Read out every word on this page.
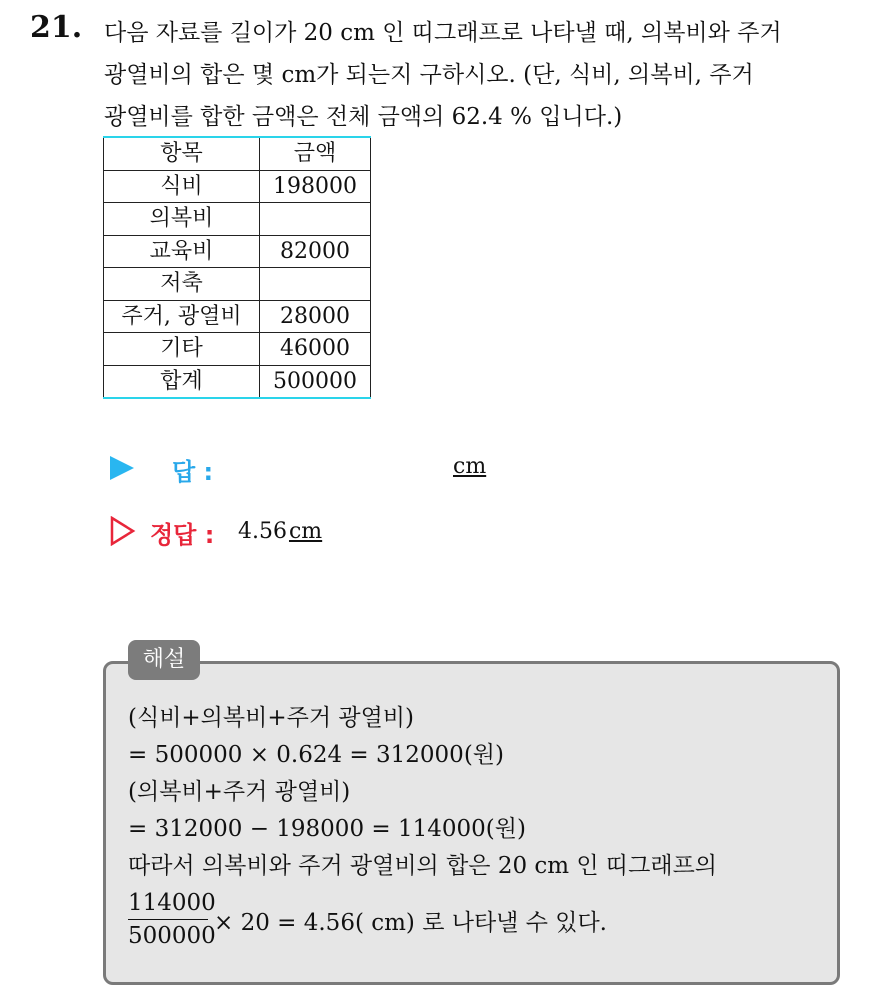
21. 다음 자료를 길이가 20 cm 인 띠그래프로 나타낼 때, 의복비와 주거
광열비의 합은 몇 cm가 되는지 구하시오. (단, 식비, 의복비, 주거
광열비를 합한 금액은 전체 금액의 62.4 % 입니다.)
항목	금액
식비	198000
의복비	
교육비	82000
저축	
주거, 광열비	28000
기타	46000
합계	500000
답 :	cm
정답 : 4.56cm
해설
(식비+의복비+주거 광열비)
= 500000 × 0.624 = 312000(원)
(의복비+주거 광열비)
= 312000 − 198000 = 114000(원)
따라서 의복비와 주거 광열비의 합은 20 cm 인 띠그래프의
$\frac{114000}{500000} \times 20 = 4.56$( cm) 로 나타낼 수 있다.
